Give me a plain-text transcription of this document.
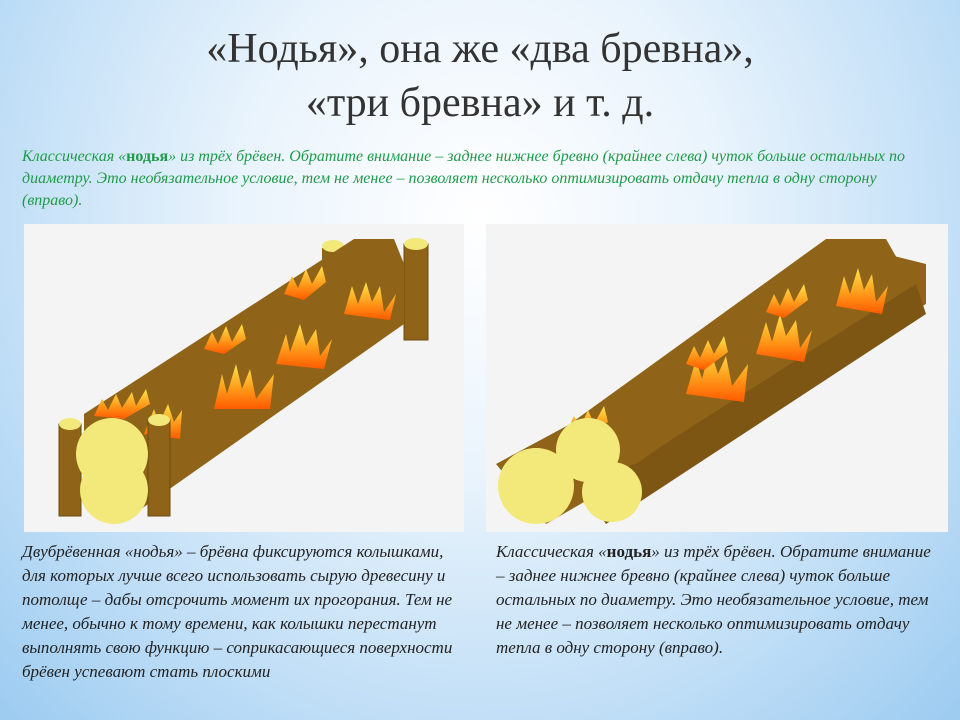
«Нодья», она же «два бревна»,
«три бревна» и т. д.

Классическая «нодья» из трёх брёвен. Обратите внимание – заднее нижнее бревно (крайнее слева) чуток больше остальных по диаметру. Это необязательное условие, тем не менее – позволяет несколько оптимизировать отдачу тепла в одну сторону (вправо).

Двубрёвенная «нодья» – брёвна фиксируются колышками, для которых лучше всего использовать сырую древесину и потолще – дабы отсрочить момент их прогорания. Тем не менее, обычно к тому времени, как колышки перестанут выполнять свою функцию – соприкасающиеся поверхности брёвен успевают стать плоскими

Классическая «нодья» из трёх брёвен. Обратите внимание – заднее нижнее бревно (крайнее слева) чуток больше остальных по диаметру. Это необязательное условие, тем не менее – позволяет несколько оптимизировать отдачу тепла в одну сторону (вправо).
